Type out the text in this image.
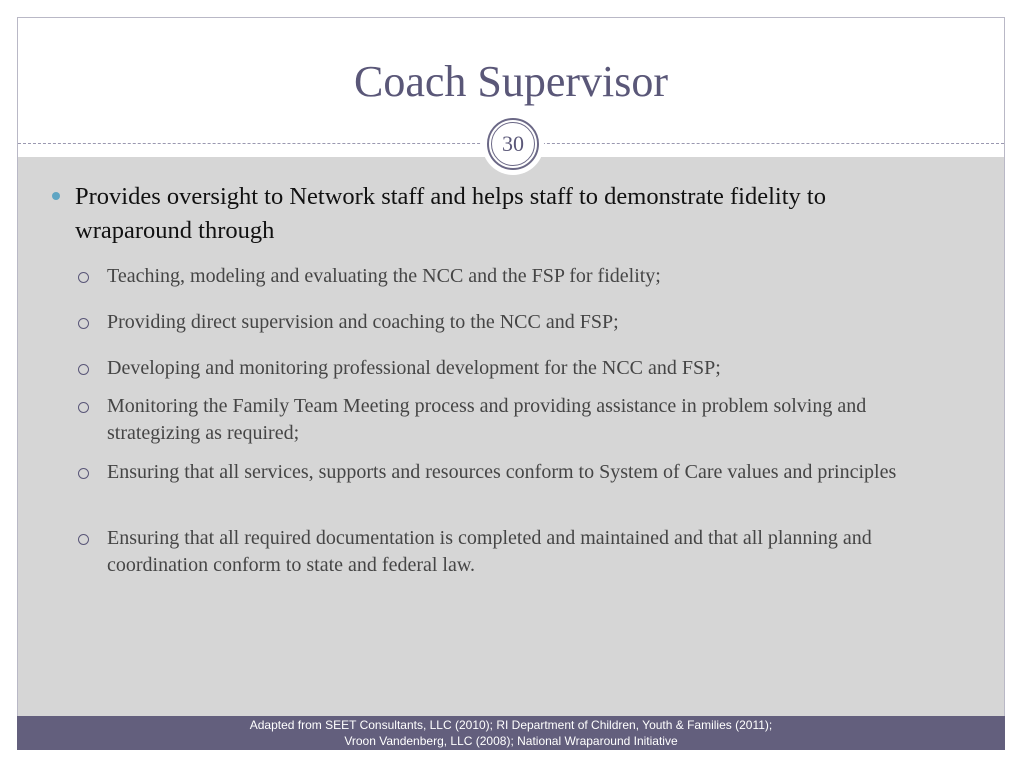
Coach Supervisor
30
Provides oversight to Network staff and helps staff to demonstrate fidelity to wraparound through
Teaching, modeling and evaluating the NCC and the FSP for fidelity;
Providing direct supervision and coaching to the NCC and FSP;
Developing and monitoring professional development for the NCC and FSP;
Monitoring the Family Team Meeting process and providing assistance in problem solving and strategizing as required;
Ensuring that all services, supports and resources conform to System of Care values and principles
Ensuring that all required documentation is completed and maintained and that all planning and coordination conform to state and federal law.
Adapted from SEET Consultants, LLC (2010); RI Department of Children, Youth & Families (2011);
Vroon Vandenberg, LLC (2008); National Wraparound Initiative
